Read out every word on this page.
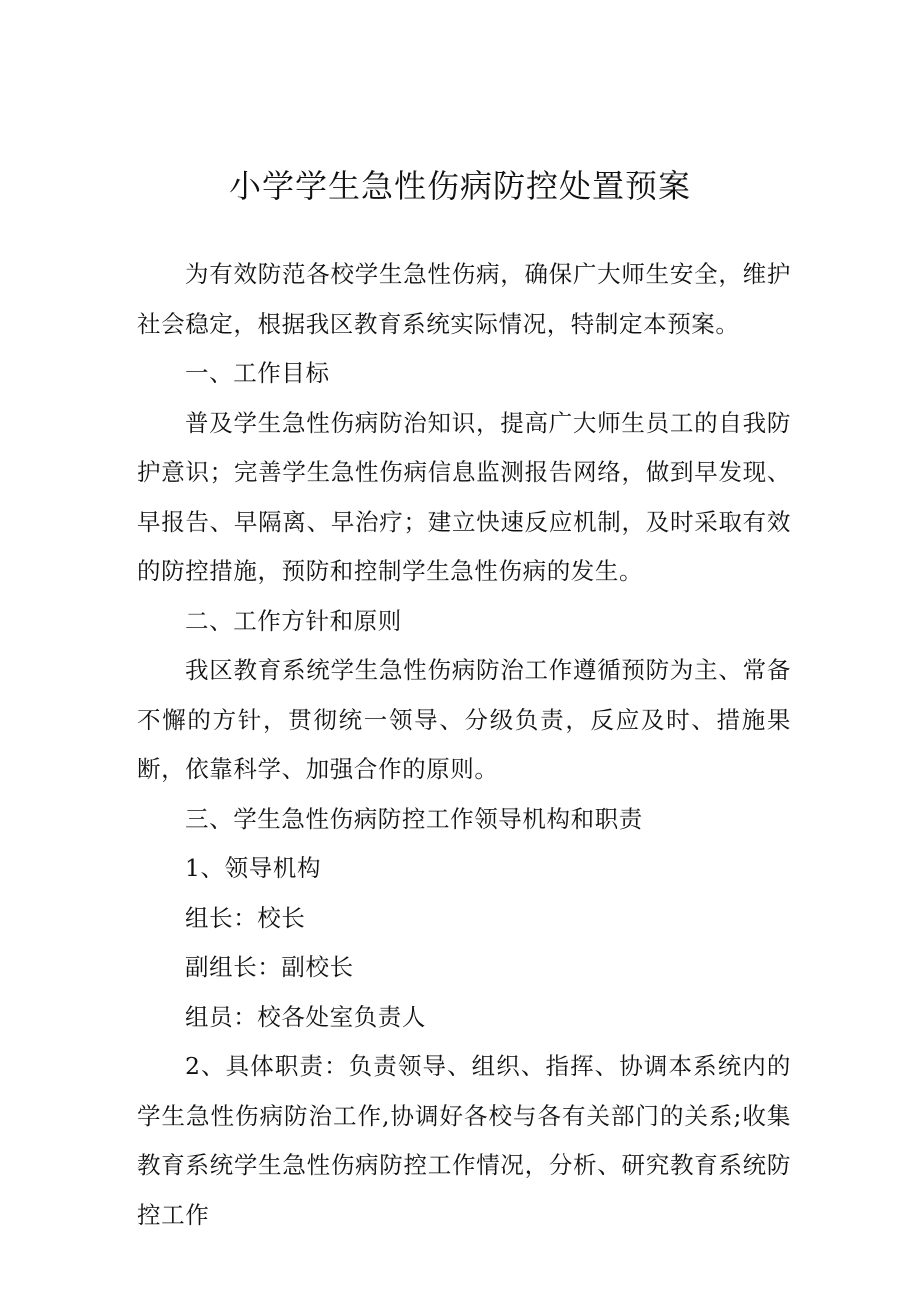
小学学生急性伤病防控处置预案

为有效防范各校学生急性伤病，确保广大师生安全，维护社会稳定，根据我区教育系统实际情况，特制定本预案。

一、工作目标

普及学生急性伤病防治知识，提高广大师生员工的自我防护意识；完善学生急性伤病信息监测报告网络，做到早发现、早报告、早隔离、早治疗；建立快速反应机制，及时采取有效的防控措施，预防和控制学生急性伤病的发生。

二、工作方针和原则

我区教育系统学生急性伤病防治工作遵循预防为主、常备不懈的方针，贯彻统一领导、分级负责，反应及时、措施果断，依靠科学、加强合作的原则。

三、学生急性伤病防控工作领导机构和职责

1、领导机构

组长：校长

副组长：副校长

组员：校各处室负责人

2、具体职责：负责领导、组织、指挥、协调本系统内的学生急性伤病防治工作,协调好各校与各有关部门的关系;收集教育系统学生急性伤病防控工作情况，分析、研究教育系统防控工作
